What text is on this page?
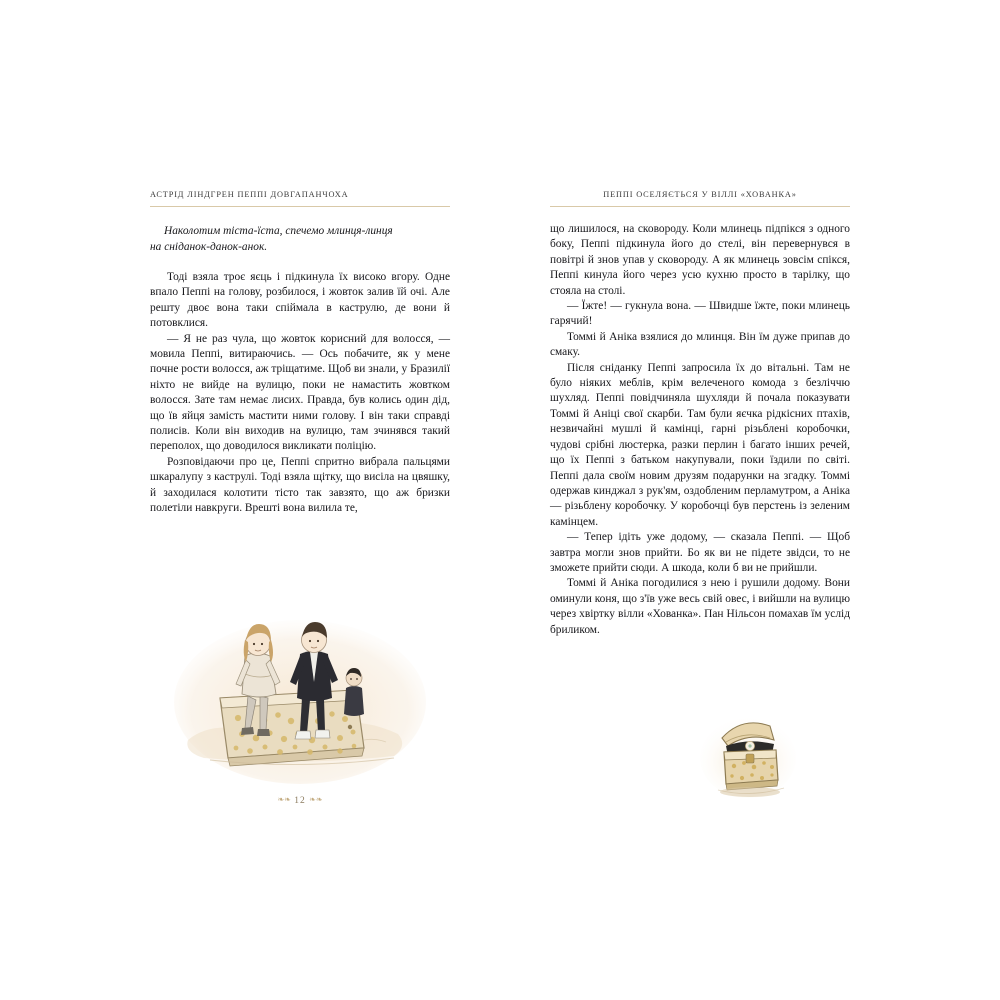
АСТРІД ЛІНДГРЕН ПЕППІ ДОВГАПАНЧОХА
Наколотим тіста-їста, спечемо млинця-линця
на сніданок-данок-анок.

Тоді взяла троє яєць і підкинула їх високо вгору. Одне впало Пеппі на голову, розбилося, і жовток залив їй очі. Але решту двоє вона таки спіймала в каструлю, де вони й потовклися.

— Я не раз чула, що жовток корисний для волосся, — мовила Пеппі, витираючись. — Ось побачите, як у мене почне рости волосся, аж тріщатиме. Щоб ви знали, у Бразилії ніхто не вийде на вулицю, поки не намастить жовтком волосся. Зате там немає лисих. Правда, був колись один дід, що їв яйця замість мастити ними голову. І він таки справді полисів. Коли він виходив на вулицю, там зчинявся такий переполох, що доводилося викликати поліцію.

Розповідаючи про це, Пеппі спритно вибрала пальцями шкаралупу з каструлі. Тоді взяла щітку, що висіла на цвяшку, й заходилася колотити тісто так завзято, що аж бризки полетіли навкруги. Врешті вона вилила те,

❧❧ 12 ❧❧
ПЕППІ ОСЕЛЯЄТЬСЯ У ВІЛЛІ «ХОВАНКА»

що лишилося, на сковороду. Коли млинець підпікся з одного боку, Пеппі підкинула його до стелі, він перевернувся в повітрі й знов упав у сковороду. А як млинець зовсім спікся, Пеппі кинула його через усю кухню просто в тарілку, що стояла на столі.

— Їжте! — гукнула вона. — Швидше їжте, поки млинець гарячий!

Томмі й Аніка взялися до млинця. Він їм дуже припав до смаку.

Після сніданку Пеппі запросила їх до вітальні. Там не було ніяких меблів, крім велеченого комода з безліччю шухляд. Пеппі повідчиняла шухляди й почала показувати Томмі й Аніці свої скарби. Там були яєчка рідкісних птахів, незвичайні мушлі й камінці, гарні різьблені коробочки, чудові срібні люстерка, разки перлин і багато інших речей, що їх Пеппі з батьком накупували, поки їздили по світі. Пеппі дала своїм новим друзям подарунки на згадку. Томмі одержав кинджал з рук'ям, оздобленим перламутром, а Аніка — різьблену коробочку. У коробочці був перстень із зеленим камінцем.

— Тепер ідіть уже додому, — сказала Пеппі. — Щоб завтра могли знов прийти. Бо як ви не підете звідси, то не зможете прийти сюди. А шкода, коли б ви не прийшли.

Томмі й Аніка погодилися з нею і рушили додому. Вони оминули коня, що з'їв уже весь свій овес, і вийшли на вулицю через хвіртку вілли «Хованка». Пан Нільсон помахав їм услід бриликом.
